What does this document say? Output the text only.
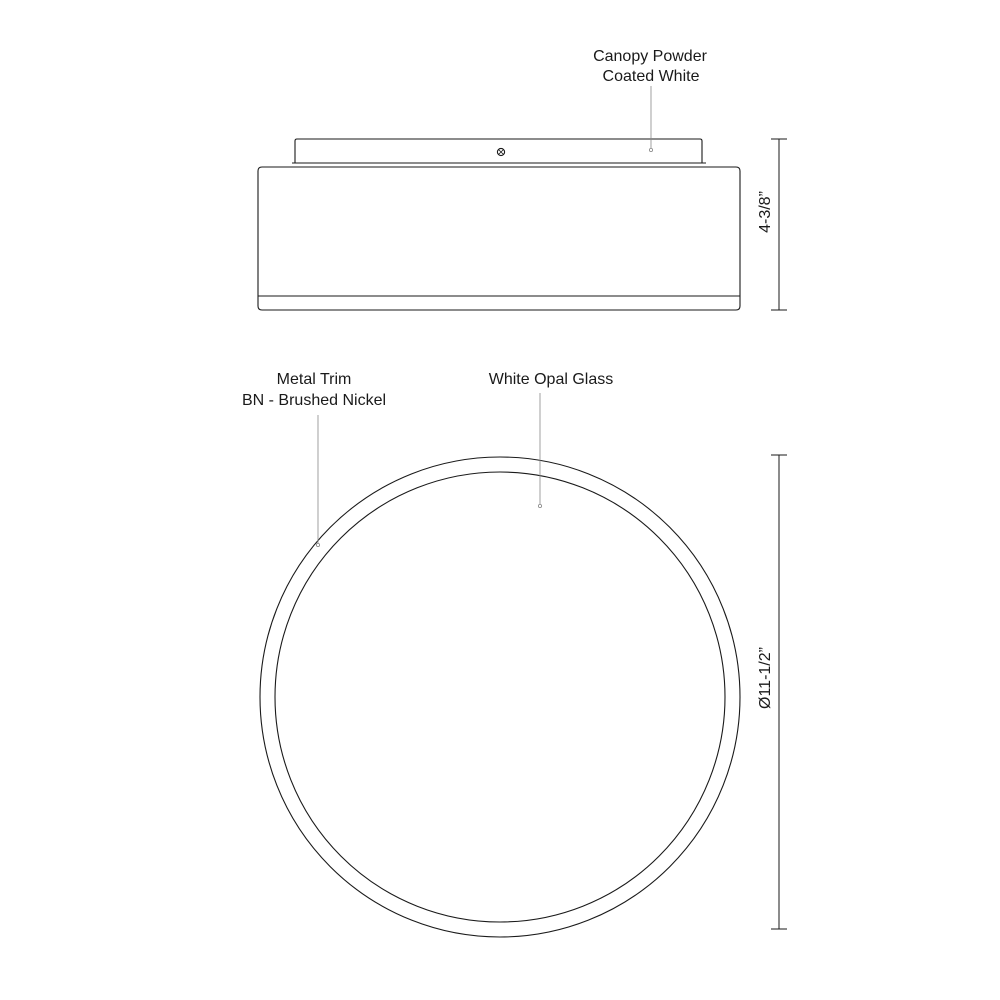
Canopy Powder
Coated White
Metal Trim
BN - Brushed Nickel
White Opal Glass
4-3/8”
Ø11-1/2”
